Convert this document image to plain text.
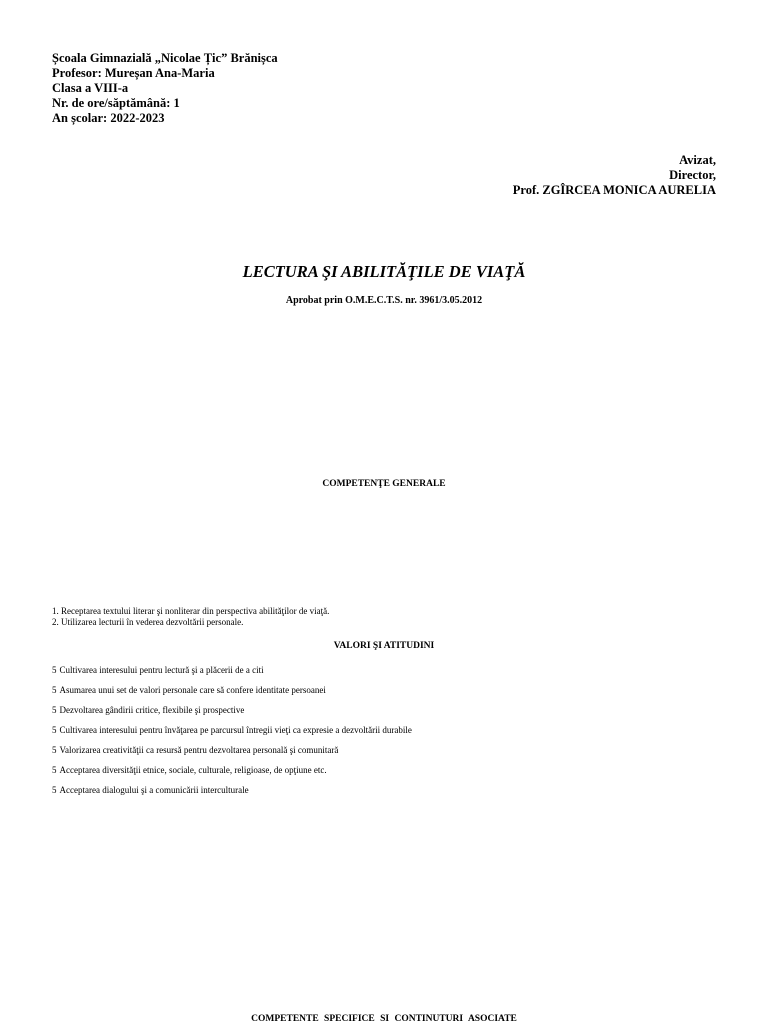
Școala Gimnazială „Nicolae Țic” Brănișca
Profesor: Mureșan Ana-Maria
Clasa a VIII-a
Nr. de ore/săptămână: 1
An școlar: 2022-2023
Avizat,
Director,
Prof. ZGÎRCEA MONICA AURELIA
LECTURA ŞI ABILITĂŢILE DE VIAŢĂ
Aprobat prin O.M.E.C.T.S. nr. 3961/3.05.2012
COMPETENŢE GENERALE
1. Receptarea textului literar şi nonliterar din perspectiva abilităţilor de viaţă.
2. Utilizarea lecturii în vederea dezvoltării personale.
VALORI ŞI ATITUDINI
5 Cultivarea interesului pentru lectură şi a plăcerii de a citi
5 Asumarea unui set de valori personale care să confere identitate persoanei
5 Dezvoltarea gândirii critice, flexibile şi prospective
5 Cultivarea interesului pentru învăţarea pe parcursul întregii vieţi ca expresie a dezvoltării durabile
5 Valorizarea creativităţii ca resursă pentru dezvoltarea personală şi comunitară
5 Acceptarea diversităţii etnice, sociale, culturale, religioase, de opţiune etc.
5 Acceptarea dialogului şi a comunicării interculturale
COMPETENTE SPECIFICE SI CONTINUTURI ASOCIATE
